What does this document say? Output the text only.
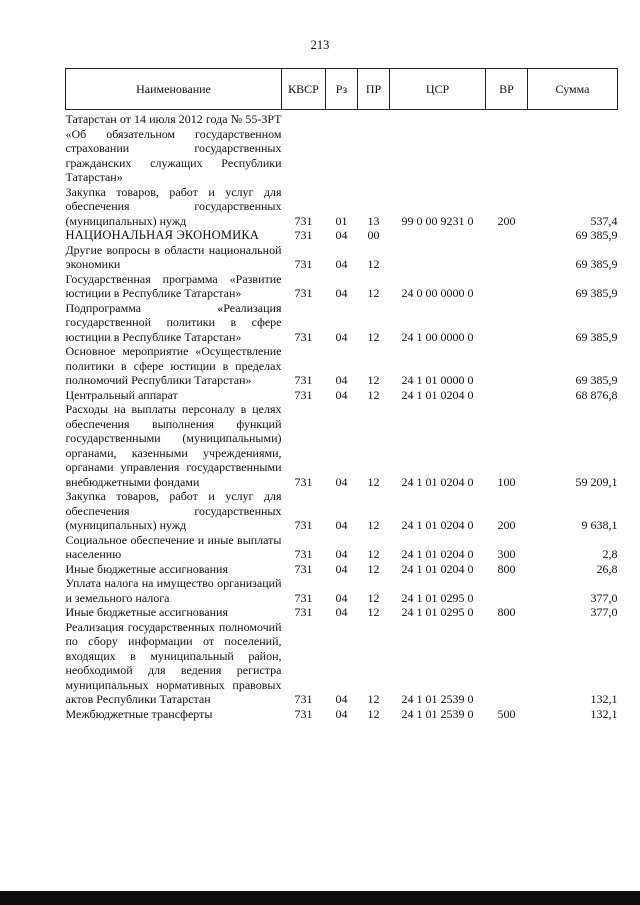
213
Наименование	КВСР	Рз	ПР	ЦСР	ВР	Сумма
Татарстан от 14 июля 2012 года № 55-ЗРТ «Об обязательном государственном страховании государственных гражданских служащих Республики Татарстан»						
Закупка товаров, работ и услуг для обеспечения государственных (муниципальных) нужд	731	01	13	99 0 00 9231 0	200	537,4
НАЦИОНАЛЬНАЯ ЭКОНОМИКА	731	04	00			69 385,9
Другие вопросы в области национальной экономики	731	04	12			69 385,9
Государственная программа «Развитие юстиции в Республике Татарстан»	731	04	12	24 0 00 0000 0		69 385,9
Подпрограмма «Реализация государственной политики в сфере юстиции в Республике Татарстан»	731	04	12	24 1 00 0000 0		69 385,9
Основное мероприятие «Осуществление политики в сфере юстиции в пределах полномочий Республики Татарстан»	731	04	12	24 1 01 0000 0		69 385,9
Центральный аппарат	731	04	12	24 1 01 0204 0		68 876,8
Расходы на выплаты персоналу в целях обеспечения выполнения функций государственными (муниципальными) органами, казенными учреждениями, органами управления государственными внебюджетными фондами	731	04	12	24 1 01 0204 0	100	59 209,1
Закупка товаров, работ и услуг для обеспечения государственных (муниципальных) нужд	731	04	12	24 1 01 0204 0	200	9 638,1
Социальное обеспечение и иные выплаты населению	731	04	12	24 1 01 0204 0	300	2,8
Иные бюджетные ассигнования	731	04	12	24 1 01 0204 0	800	26,8
Уплата налога на имущество организаций и земельного налога	731	04	12	24 1 01 0295 0		377,0
Иные бюджетные ассигнования	731	04	12	24 1 01 0295 0	800	377,0
Реализация государственных полномочий по сбору информации от поселений, входящих в муниципальный район, необходимой для ведения регистра муниципальных нормативных правовых актов Республики Татарстан	731	04	12	24 1 01 2539 0		132,1
Межбюджетные трансферты	731	04	12	24 1 01 2539 0	500	132,1
